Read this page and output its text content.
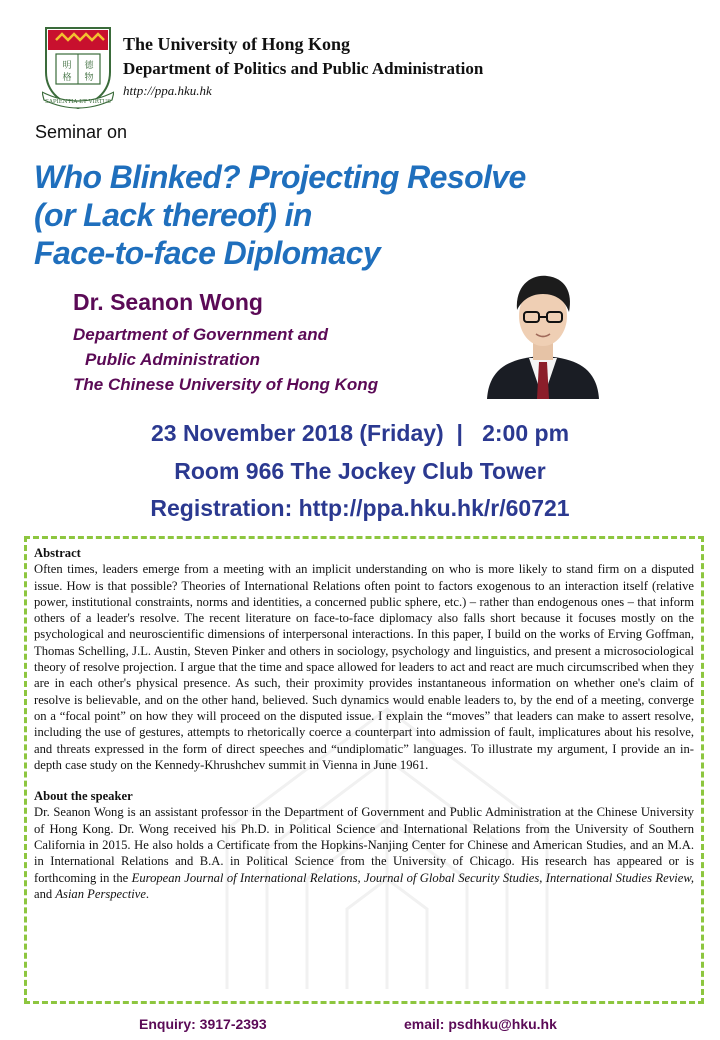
明 德
格 物
SAPIENTIA ET VIRTUS
The University of Hong Kong
Department of Politics and Public Administration
http://ppa.hku.hk
Seminar on
Who Blinked? Projecting Resolve
(or Lack thereof) in
Face-to-face Diplomacy
Dr. Seanon Wong
Department of Government and
Public Administration
The Chinese University of Hong Kong
23 November 2018 (Friday)  |   2:00 pm
Room 966 The Jockey Club Tower
Registration: http://ppa.hku.hk/r/60721
Abstract

Often times, leaders emerge from a meeting with an implicit understanding on who is more likely to stand firm on a disputed issue. How is that possible? Theories of International Relations often point to factors exogenous to an interaction itself (relative power, institutional constraints, norms and identities, a concerned public sphere, etc.) – rather than endogenous ones – that inform others of a leader's resolve. The recent literature on face-to-face diplomacy also falls short because it focuses mostly on the psychological and neuroscientific dimensions of interpersonal interactions. In this paper, I build on the works of Erving Goffman, Thomas Schelling, J.L. Austin, Steven Pinker and others in sociology, psychology and linguistics, and present a microsociological theory of resolve projection. I argue that the time and space allowed for leaders to act and react are much circumscribed when they are in each other's physical presence. As such, their proximity provides instantaneous information on whether one's claim of resolve is believable, and on the other hand, believed. Such dynamics would enable leaders to, by the end of a meeting, converge on a “focal point” on how they will proceed on the disputed issue. I explain the “moves” that leaders can make to assert resolve, including the use of gestures, attempts to rhetorically coerce a counterpart into admission of fault, implicatures about his resolve, and threats expressed in the form of direct speeches and “undiplomatic” languages. To illustrate my argument, I provide an in-depth case study on the Kennedy-Khrushchev summit in Vienna in June 1961.

About the speaker

Dr. Seanon Wong is an assistant professor in the Department of Government and Public Administration at the Chinese University of Hong Kong. Dr. Wong received his Ph.D. in Political Science and International Relations from the University of Southern California in 2015. He also holds a Certificate from the Hopkins-Nanjing Center for Chinese and American Studies, and an M.A. in International Relations and B.A. in Political Science from the University of Chicago. His research has appeared or is forthcoming in the European Journal of International Relations, Journal of Global Security Studies, International Studies Review, and Asian Perspective.

Enquiry: 3917-2393	email: psdhku@hku.hk
